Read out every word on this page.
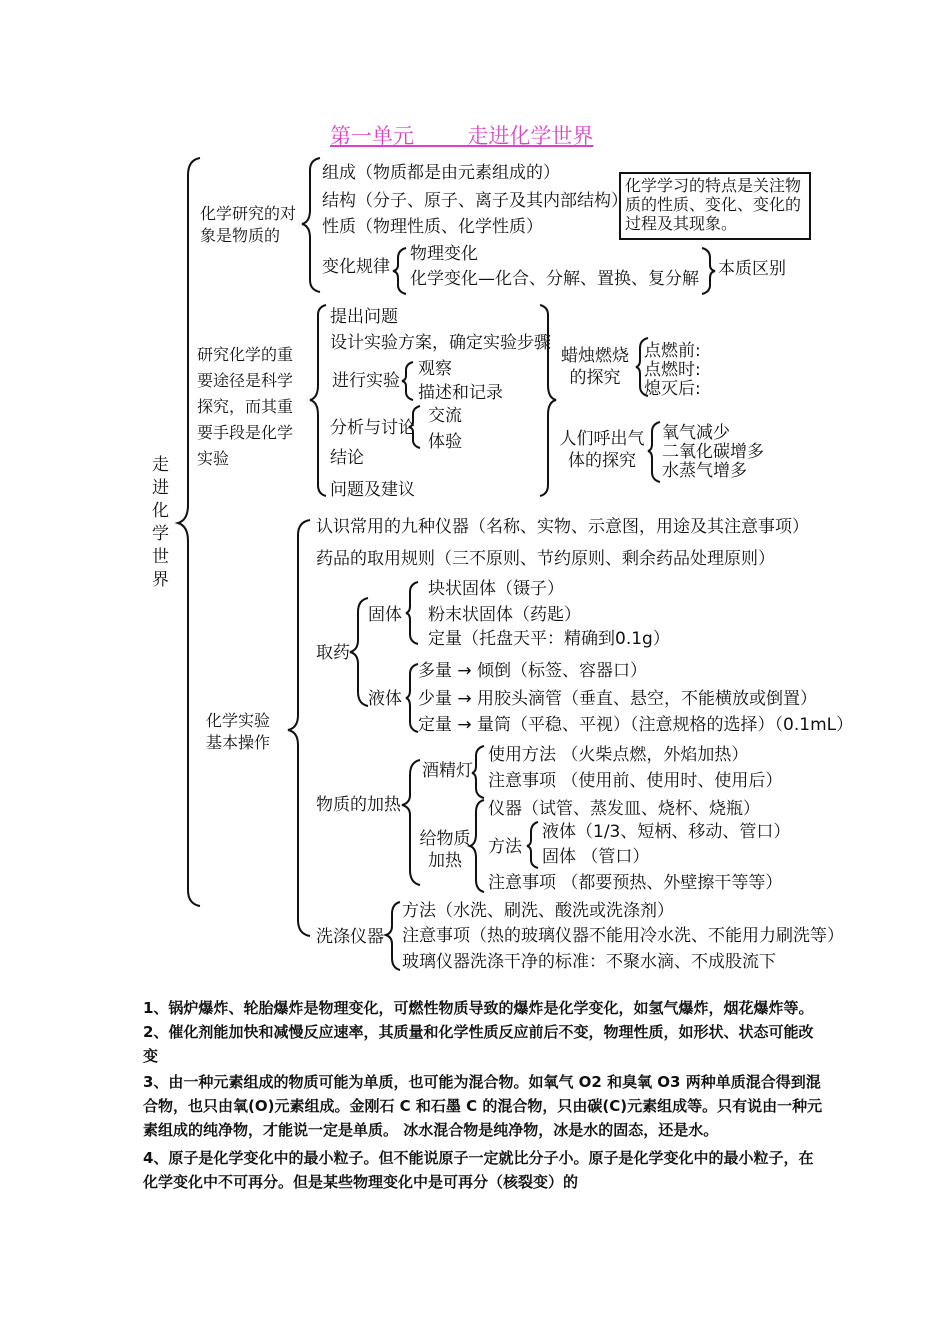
第一单元        走进化学世界
走进化学世界
化学研究的对象是物质的
组成（物质都是由元素组成的）
结构（分子、原子、离子及其内部结构）
性质（物理性质、化学性质）
变化规律
物理变化
化学变化—化合、分解、置换、复分解 本质区别
化学学习的特点是关注物质的性质、变化、变化的过程及其现象。
研究化学的重要途径是科学探究，而其重要手段是化学实验
提出问题
设计实验方案，确定实验步骤
进行实验
观察
描述和记录
分析与讨论
交流
体验
结论
问题及建议
蜡烛燃烧的探究
点燃前:
点燃时:
熄灭后:
人们呼出气体的探究
氧气减少
二氧化碳增多
水蒸气增多
化学实验基本操作
认识常用的九种仪器（名称、实物、示意图，用途及其注意事项）
药品的取用规则（三不原则、节约原则、剩余药品处理原则）
取药
固体
块状固体（镊子）
粉末状固体（药匙）
定量（托盘天平：精确到0.1g）
液体
多量 → 倾倒（标签、容器口）
少量 → 用胶头滴管（垂直、悬空，不能横放或倒置）
定量 → 量筒（平稳、平视）（注意规格的选择）（0.1mL）
物质的加热
酒精灯
使用方法 （火柴点燃，外焰加热）
注意事项 （使用前、使用时、使用后）
给物质加热
仪器（试管、蒸发皿、烧杯、烧瓶）
方法
注意事项 （都要预热、外壁擦干等等）
液体（1/3、短柄、移动、管口）
固体 （管口）
洗涤仪器
方法（水洗、刷洗、酸洗或洗涤剂）
注意事项（热的玻璃仪器不能用冷水洗、不能用力刷洗等）
玻璃仪器洗涤干净的标准：不聚水滴、不成股流下
1、锅炉爆炸、轮胎爆炸是物理变化，可燃性物质导致的爆炸是化学变化，如氢气爆炸，烟花爆炸等。
2、催化剂能加快和减慢反应速率，其质量和化学性质反应前后不变，物理性质，如形状、状态可能改变
3、由一种元素组成的物质可能为单质，也可能为混合物。如氧气 O2 和臭氧 O3 两种单质混合得到混合物，也只由氧(O)元素组成。金刚石 C 和石墨 C 的混合物，只由碳(C)元素组成等。只有说由一种元素组成的纯净物，才能说一定是单质。 冰水混合物是纯净物，冰是水的固态，还是水。
4、原子是化学变化中的最小粒子。但不能说原子一定就比分子小。原子是化学变化中的最小粒子，在化学变化中不可再分。但是某些物理变化中是可再分（核裂变）的
